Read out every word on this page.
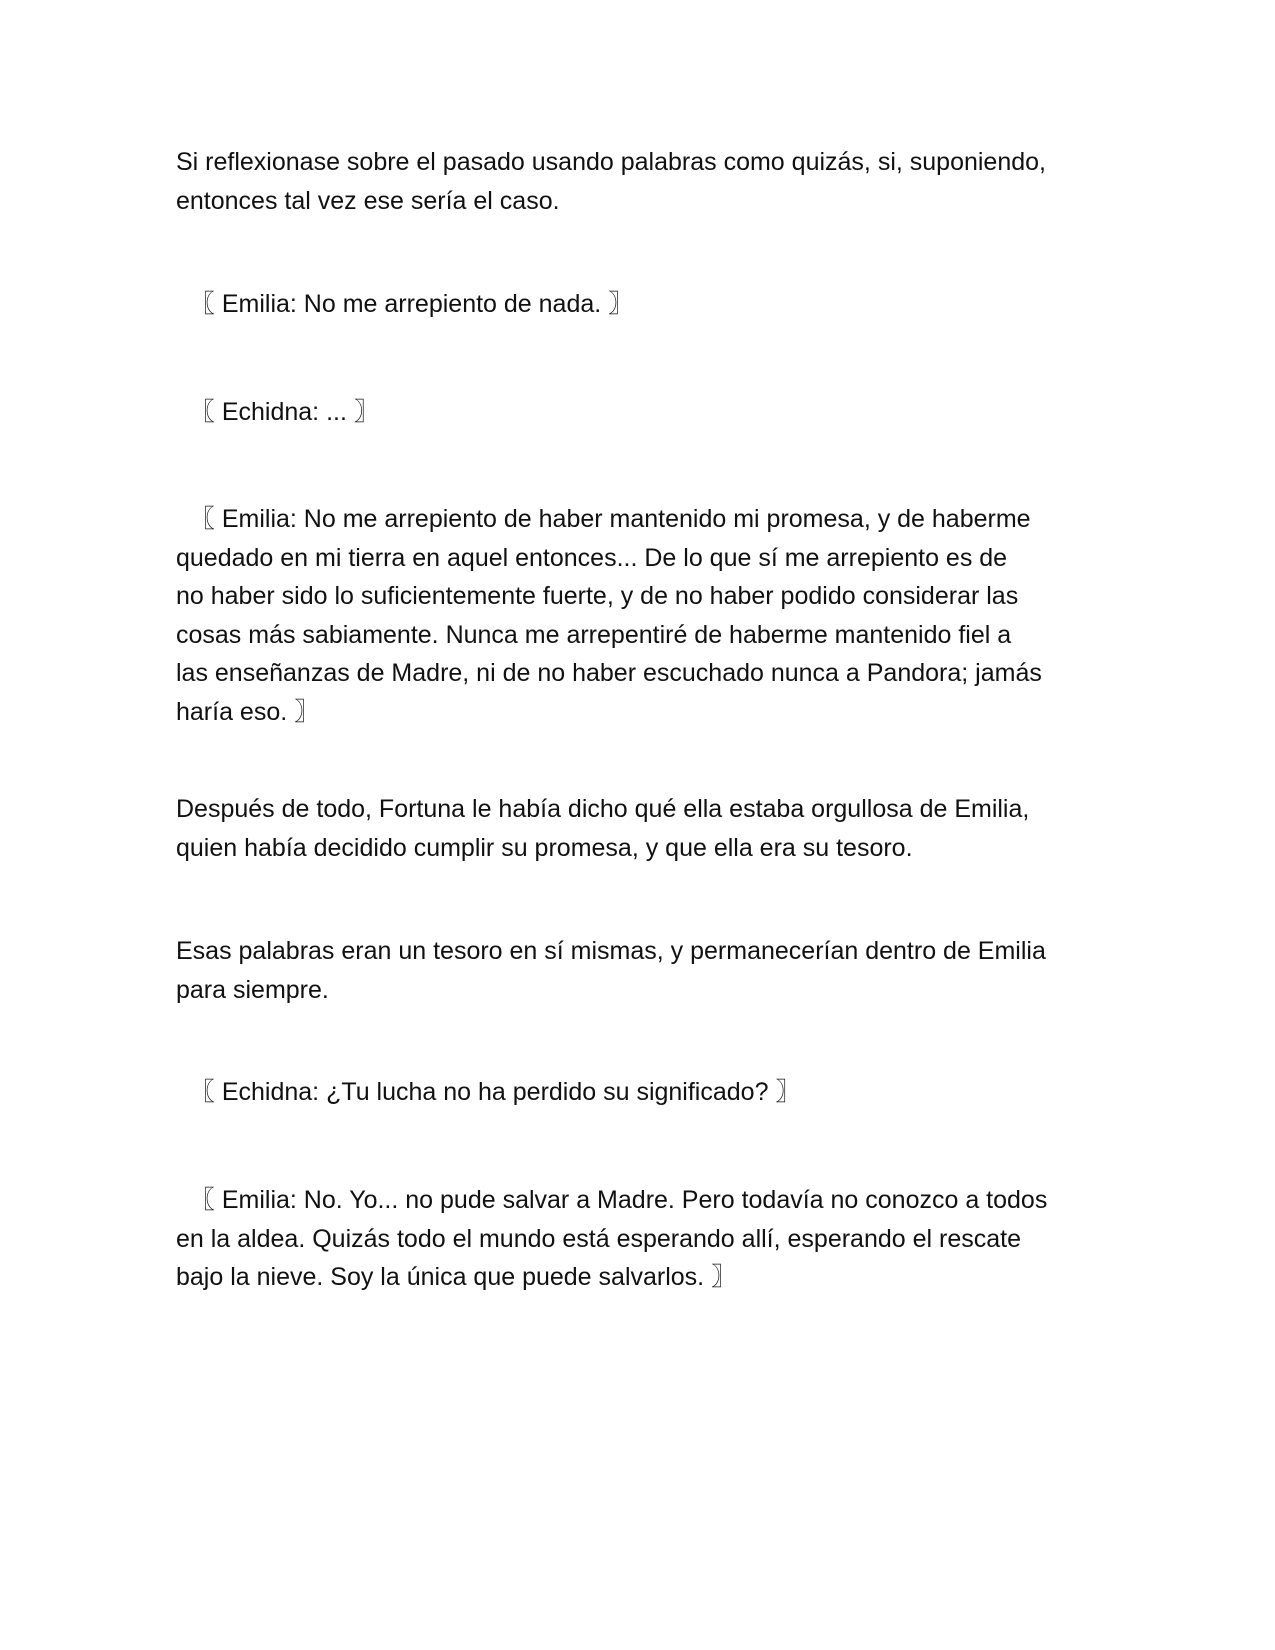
Si reflexionase sobre el pasado usando palabras como quizás, si, suponiendo,
entonces tal vez ese sería el caso.
〖 Emilia: No me arrepiento de nada. 〗
〖 Echidna: ... 〗
〖 Emilia: No me arrepiento de haber mantenido mi promesa, y de haberme
quedado en mi tierra en aquel entonces... De lo que sí me arrepiento es de
no haber sido lo suficientemente fuerte, y de no haber podido considerar las
cosas más sabiamente. Nunca me arrepentiré de haberme mantenido fiel a
las enseñanzas de Madre, ni de no haber escuchado nunca a Pandora; jamás
haría eso. 〗
Después de todo, Fortuna le había dicho qué ella estaba orgullosa de Emilia,
quien había decidido cumplir su promesa, y que ella era su tesoro.
Esas palabras eran un tesoro en sí mismas, y permanecerían dentro de Emilia
para siempre.
〖 Echidna: ¿Tu lucha no ha perdido su significado? 〗
〖 Emilia: No. Yo... no pude salvar a Madre. Pero todavía no conozco a todos
en la aldea. Quizás todo el mundo está esperando allí, esperando el rescate
bajo la nieve. Soy la única que puede salvarlos. 〗
